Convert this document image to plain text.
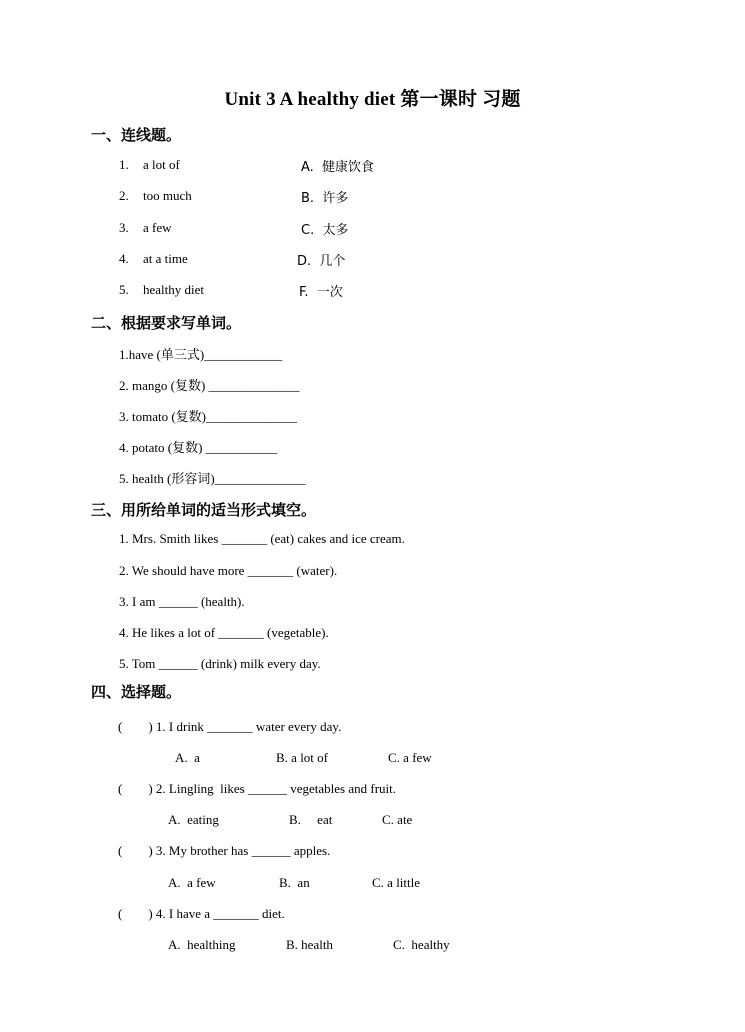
Unit 3 A healthy diet 第一课时 习题
一、连线题。
1. a lot of	A.  健康饮食
2. too much	B.  许多
3. a few	C.  太多
4. at a time	D.  几个
5. healthy diet	F.  一次
二、根据要求写单词。
1.have (单三式)____________
2. mango (复数) ______________
3. tomato (复数)______________
4. potato (复数) ___________
5. health (形容词)______________
三、用所给单词的适当形式填空。
1. Mrs. Smith likes _______ (eat) cakes and ice cream.
2. We should have more _______ (water).
3. I am ______ (health).
4. He likes a lot of _______ (vegetable).
5. Tom ______ (drink) milk every day.
四、选择题。
(        ) 1. I drink _______ water every day.
A.  a	B. a lot of	C. a few
(        ) 2. Lingling  likes ______ vegetables and fruit.
A.  eating	B.     eat	C. ate
(        ) 3. My brother has ______ apples.
A.  a few	B.  an	C. a little
(        ) 4. I have a _______ diet.
A.  healthing	B. health	C.  healthy
